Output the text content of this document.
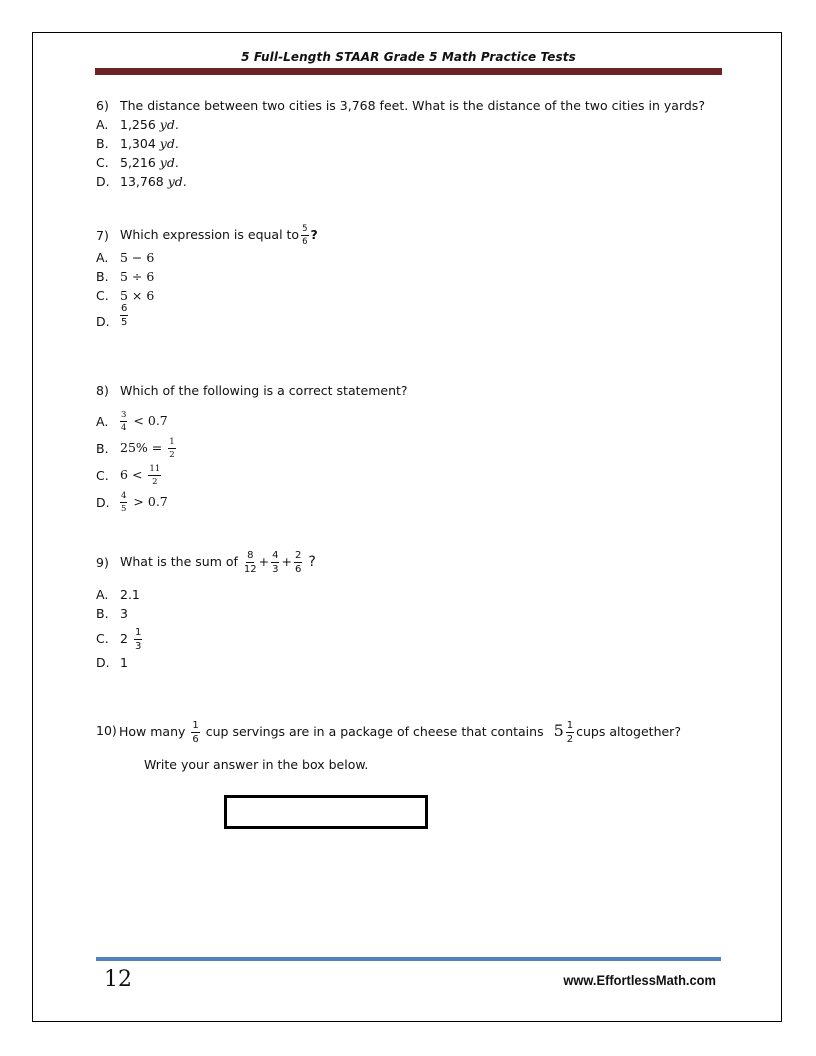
5 Full-Length STAAR Grade 5 Math Practice Tests
6) The distance between two cities is 3,768 feet. What is the distance of the two cities in yards?
A. 1,256 yd.
B. 1,304 yd.
C. 5,216 yd.
D. 13,768 yd.
7) Which expression is equal to $\frac{5}{6}$ ?
A. 5 − 6
B. 5 ÷ 6
C. 5 × 6
D. $\frac{6}{5}$
8) Which of the following is a correct statement?
A. $\frac{3}{4} < 0.7$
B. $25\% = \frac{1}{2}$
C. $6 < \frac{11}{2}$
D. $\frac{4}{5} > 0.7$
9) What is the sum of $\frac{8}{12} + \frac{4}{3} + \frac{2}{6}$ ?
A. 2.1
B. 3
C. $2 \frac{1}{3}$
D. 1
10) How many $\frac{1}{6}$ cup servings are in a package of cheese that contains $5 \frac{1}{2}$ cups altogether?
Write your answer in the box below.
12	www.EffortlessMath.com
